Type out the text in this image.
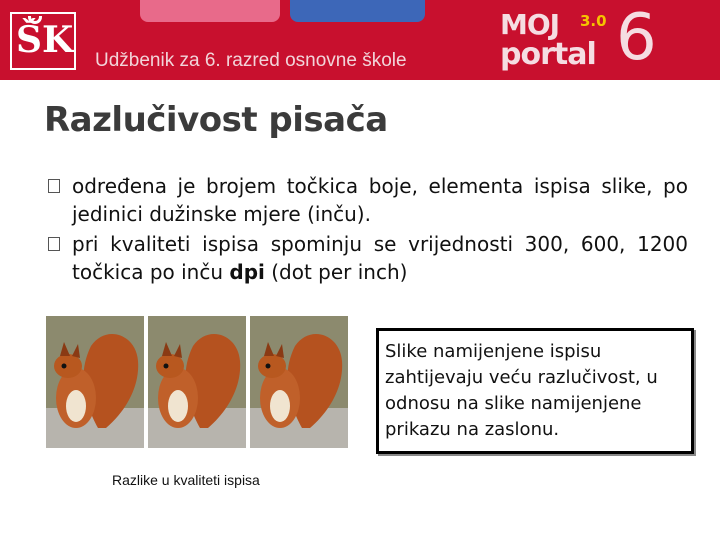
ŠK Udžbenik za 6. razred osnovne škole
MOJ 3.0
portal 6
Razlučivost pisača
određena je brojem točkica boje, elementa ispisa slike, po jedinici dužinske mjere (inču).
pri kvaliteti ispisa spominju se vrijednosti 300, 600, 1200 točkica po inču dpi (dot per inch)
Razlike u kvaliteti ispisa
Slike namijenjene ispisu zahtijevaju veću razlučivost, u odnosu na slike namijenjene prikazu na zaslonu.
